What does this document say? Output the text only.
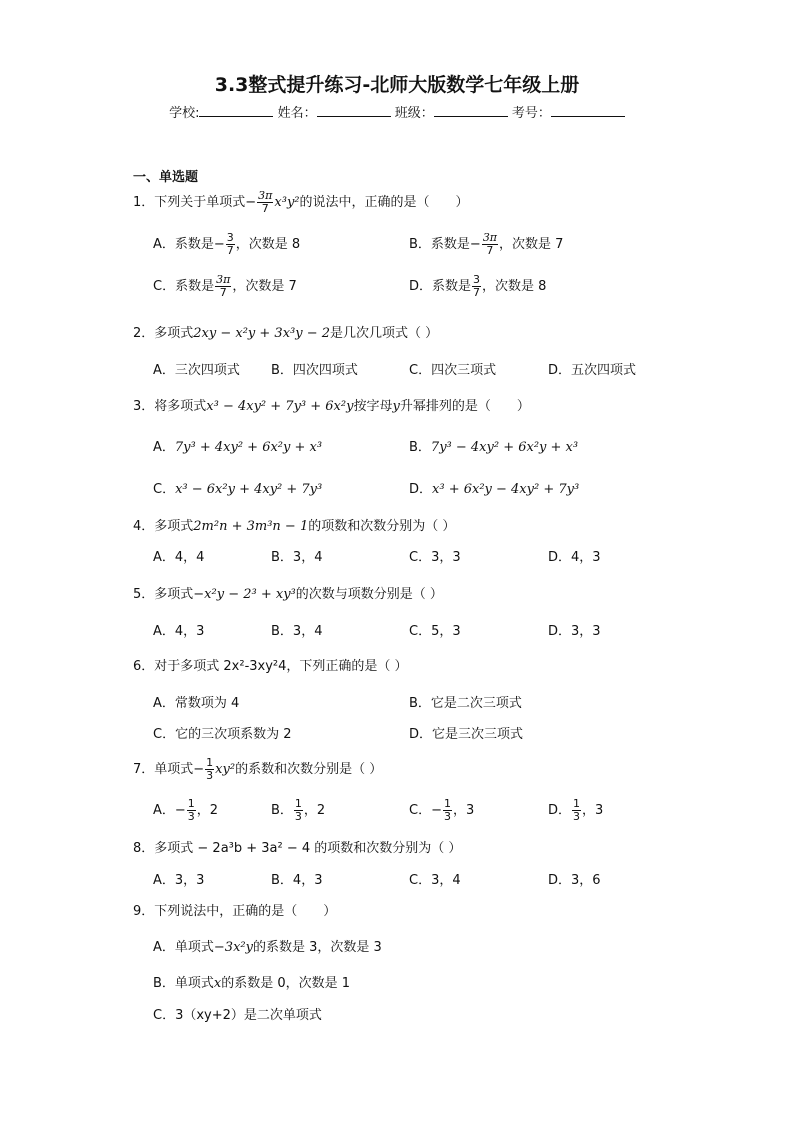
3.3整式提升练习-北师大版数学七年级上册
学校:	姓名：	班级：	考号：
一、单选题
1．下列关于单项式− $\frac{3\pi}{7} x^3y^2$的说法中，正确的是（　　）
A．系数是− $\frac{3}{7}$ ，次数是 8	B．系数是− $\frac{3\pi}{7}$ ，次数是 7
C．系数是 $\frac{3\pi}{7}$ ，次数是 7	D．系数是 $\frac{3}{7}$ ，次数是 8
2．多项式2xy − x²y + 3x³y − 2是几次几项式（ ）
A．三次四项式 B．四次四项式	C．四次三项式	D．五次四项式
3．将多项式x³ − 4xy² + 7y³ + 6x²y按字母y升幂排列的是（　　）
A．7y³ + 4xy² + 6x²y + x³	B．7y³ − 4xy² + 6x²y + x³
C．x³ − 6x²y + 4xy² + 7y³	D．x³ + 6x²y − 4xy² + 7y³
4．多项式2m²n + 3m³n − 1的项数和次数分别为（ ）
A．4，4	B．3，4	C．3，3	D．4，3
5．多项式−x²y − 2³ + xy³的次数与项数分别是（ ）
A．4，3	B．3，4	C．5，3	D．3，3
6．对于多项式 2x²-3xy²4，下列正确的是（ ）
A．常数项为 4	B．它是二次三项式
C．它的三次项系数为 2	D．它是三次三项式
7．单项式− $\frac{1}{3} xy^2$的系数和次数分别是（ ）
A．− $\frac{1}{3}$ ，2	B． $\frac{1}{3}$ ，2	C．− $\frac{1}{3}$ ，3	D． $\frac{1}{3}$ ，3
8．多项式 − 2a³b + 3a² − 4 的项数和次数分别为（ ）
A．3，3	B．4，3	C．3，4	D．3，6
9．下列说法中，正确的是（　　）
A．单项式−3x²y的系数是 3，次数是 3
B．单项式x的系数是 0，次数是 1
C．3（xy+2）是二次单项式
